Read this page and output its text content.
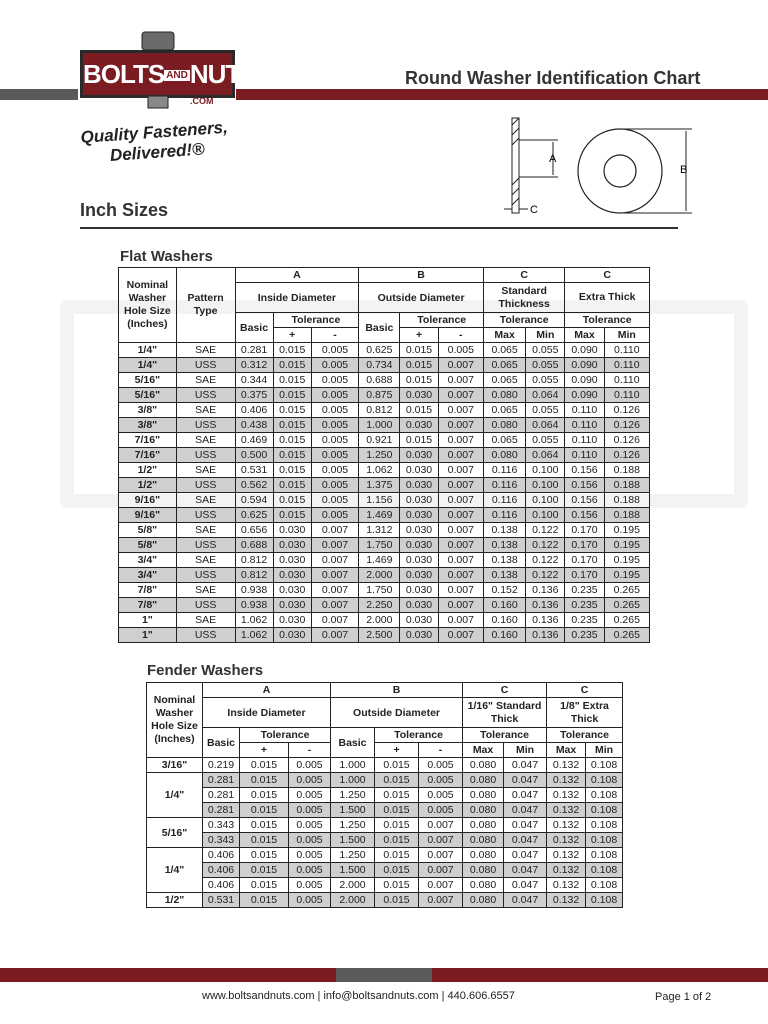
BOLTS ANDNUTS
.COM
Quality Fasteners,
Delivered!®
Round Washer Identification Chart
A
C
B
Inch Sizes
Flat Washers
Nominal Washer Hole Size (Inches)	Pattern Type	A			B			C		C	
		Inside Diameter			Outside Diameter			Standard Thickness		Extra Thick	
		Basic	Tolerance		Basic	Tolerance		Tolerance		Tolerance	
			+	-		+	-	Max	Min	Max	Min
1/4"	SAE	0.281	0.015	0.005	0.625	0.015	0.005	0.065	0.055	0.090	0.110
1/4"	USS	0.312	0.015	0.005	0.734	0.015	0.007	0.065	0.055	0.090	0.110
5/16"	SAE	0.344	0.015	0.005	0.688	0.015	0.007	0.065	0.055	0.090	0.110
5/16"	USS	0.375	0.015	0.005	0.875	0.030	0.007	0.080	0.064	0.090	0.110
3/8"	SAE	0.406	0.015	0.005	0.812	0.015	0.007	0.065	0.055	0.110	0.126
3/8"	USS	0.438	0.015	0.005	1.000	0.030	0.007	0.080	0.064	0.110	0.126
7/16"	SAE	0.469	0.015	0.005	0.921	0.015	0.007	0.065	0.055	0.110	0.126
7/16"	USS	0.500	0.015	0.005	1.250	0.030	0.007	0.080	0.064	0.110	0.126
1/2"	SAE	0.531	0.015	0.005	1.062	0.030	0.007	0.116	0.100	0.156	0.188
1/2"	USS	0.562	0.015	0.005	1.375	0.030	0.007	0.116	0.100	0.156	0.188
9/16"	SAE	0.594	0.015	0.005	1.156	0.030	0.007	0.116	0.100	0.156	0.188
9/16"	USS	0.625	0.015	0.005	1.469	0.030	0.007	0.116	0.100	0.156	0.188
5/8"	SAE	0.656	0.030	0.007	1.312	0.030	0.007	0.138	0.122	0.170	0.195
5/8"	USS	0.688	0.030	0.007	1.750	0.030	0.007	0.138	0.122	0.170	0.195
3/4"	SAE	0.812	0.030	0.007	1.469	0.030	0.007	0.138	0.122	0.170	0.195
3/4"	USS	0.812	0.030	0.007	2.000	0.030	0.007	0.138	0.122	0.170	0.195
7/8"	SAE	0.938	0.030	0.007	1.750	0.030	0.007	0.152	0.136	0.235	0.265
7/8"	USS	0.938	0.030	0.007	2.250	0.030	0.007	0.160	0.136	0.235	0.265
1"	SAE	1.062	0.030	0.007	2.000	0.030	0.007	0.160	0.136	0.235	0.265
1"	USS	1.062	0.030	0.007	2.500	0.030	0.007	0.160	0.136	0.235	0.265
Fender Washers
Nominal Washer Hole Size (Inches)	A			B			C		C	
	Inside Diameter			Outside Diameter			1/16" Standard Thick		1/8" Extra Thick	
	Basic	Tolerance		Basic	Tolerance		Tolerance		Tolerance	
		+	-		+	-	Max	Min	Max	Min
3/16"	0.219	0.015	0.005	1.000	0.015	0.005	0.080	0.047	0.132	0.108
1/4"	0.281	0.015	0.005	1.000	0.015	0.005	0.080	0.047	0.132	0.108
	0.281	0.015	0.005	1.250	0.015	0.005	0.080	0.047	0.132	0.108
	0.281	0.015	0.005	1.500	0.015	0.005	0.080	0.047	0.132	0.108
5/16"	0.343	0.015	0.005	1.250	0.015	0.007	0.080	0.047	0.132	0.108
	0.343	0.015	0.005	1.500	0.015	0.007	0.080	0.047	0.132	0.108
1/4"	0.406	0.015	0.005	1.250	0.015	0.007	0.080	0.047	0.132	0.108
	0.406	0.015	0.005	1.500	0.015	0.007	0.080	0.047	0.132	0.108
	0.406	0.015	0.005	2.000	0.015	0.007	0.080	0.047	0.132	0.108
1/2"	0.531	0.015	0.005	2.000	0.015	0.007	0.080	0.047	0.132	0.108
www.boltsandnuts.com | info@boltsandnuts.com | 440.606.6557	Page 1 of 2
